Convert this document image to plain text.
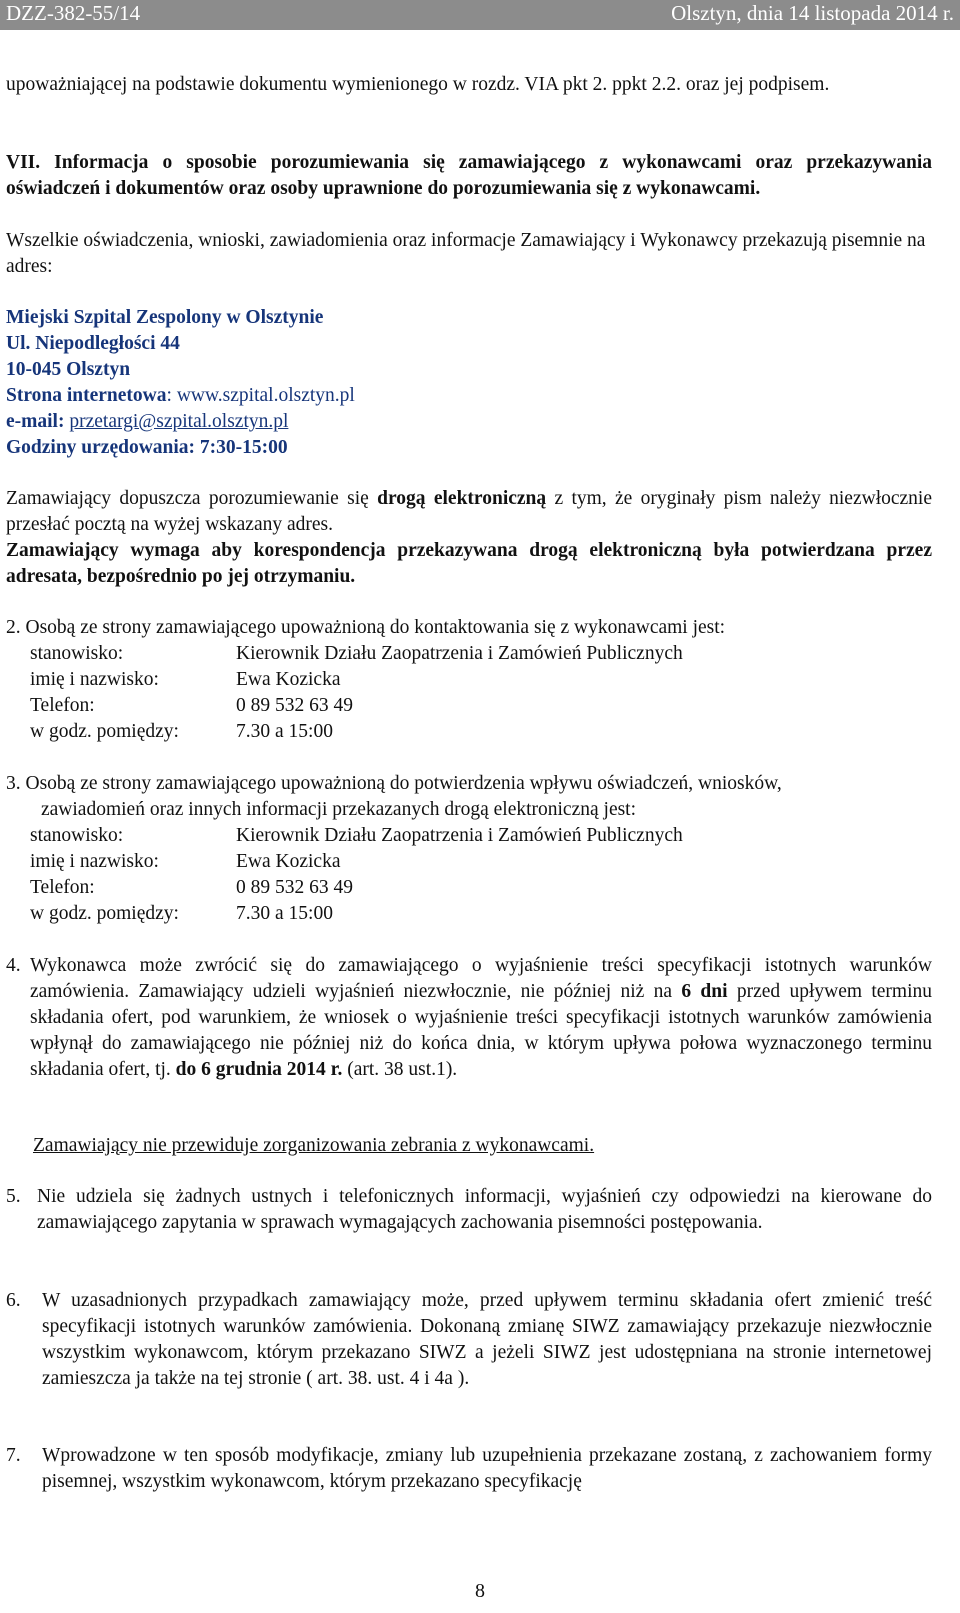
DZZ-382-55/14	Olsztyn, dnia 14 listopada 2014 r.
upoważniającej na podstawie dokumentu wymienionego w rozdz. VIA pkt 2. ppkt 2.2. oraz jej podpisem.
VII. Informacja o sposobie porozumiewania się zamawiającego z wykonawcami oraz przekazywania oświadczeń i dokumentów oraz osoby uprawnione do porozumiewania się z wykonawcami.
Wszelkie oświadczenia, wnioski, zawiadomienia oraz informacje Zamawiający i Wykonawcy przekazują pisemnie na adres:
Miejski Szpital Zespolony w Olsztynie
Ul. Niepodległości 44
10-045 Olsztyn
Strona internetowa: www.szpital.olsztyn.pl
e-mail: przetargi@szpital.olsztyn.pl
Godziny urzędowania: 7:30-15:00
Zamawiający dopuszcza porozumiewanie się drogą elektroniczną z tym, że oryginały pism należy niezwłocznie przesłać pocztą na wyżej wskazany adres.
Zamawiający wymaga aby korespondencja przekazywana drogą elektroniczną była potwierdzana przez adresata, bezpośrednio po jej otrzymaniu.
2. Osobą ze strony zamawiającego upoważnioną do kontaktowania się z wykonawcami jest:
stanowisko:	Kierownik Działu Zaopatrzenia i Zamówień Publicznych
imię i nazwisko:	Ewa Kozicka
Telefon:	0 89 532 63 49
w godz. pomiędzy:	7.30 a 15:00
3. Osobą ze strony zamawiającego upoważnioną do potwierdzenia wpływu oświadczeń, wniosków,
zawiadomień oraz innych informacji przekazanych drogą elektroniczną jest:
stanowisko:	Kierownik Działu Zaopatrzenia i Zamówień Publicznych
imię i nazwisko:	Ewa Kozicka
Telefon:	0 89 532 63 49
w godz. pomiędzy:	7.30 a 15:00
4. Wykonawca może zwrócić się do zamawiającego o wyjaśnienie treści specyfikacji istotnych warunków zamówienia. Zamawiający udzieli wyjaśnień niezwłocznie, nie później niż na 6 dni przed upływem terminu składania ofert, pod warunkiem, że wniosek o wyjaśnienie treści specyfikacji istotnych warunków zamówienia wpłynął do zamawiającego nie później niż do końca dnia, w którym upływa połowa wyznaczonego terminu składania ofert, tj. do 6 grudnia 2014 r. (art. 38 ust.1).
Zamawiający nie przewiduje zorganizowania zebrania z wykonawcami.
5. Nie udziela się żadnych ustnych i telefonicznych informacji, wyjaśnień czy odpowiedzi na kierowane do zamawiającego zapytania w sprawach wymagających zachowania pisemności postępowania.
6. W uzasadnionych przypadkach zamawiający może, przed upływem terminu składania ofert zmienić treść specyfikacji istotnych warunków zamówienia. Dokonaną zmianę SIWZ zamawiający przekazuje niezwłocznie wszystkim wykonawcom, którym przekazano SIWZ a jeżeli SIWZ jest udostępniana na stronie internetowej zamieszcza ja także na tej stronie ( art. 38. ust. 4 i 4a ).
7. Wprowadzone w ten sposób modyfikacje, zmiany lub uzupełnienia przekazane zostaną, z zachowaniem formy pisemnej, wszystkim wykonawcom, którym przekazano specyfikację
8
